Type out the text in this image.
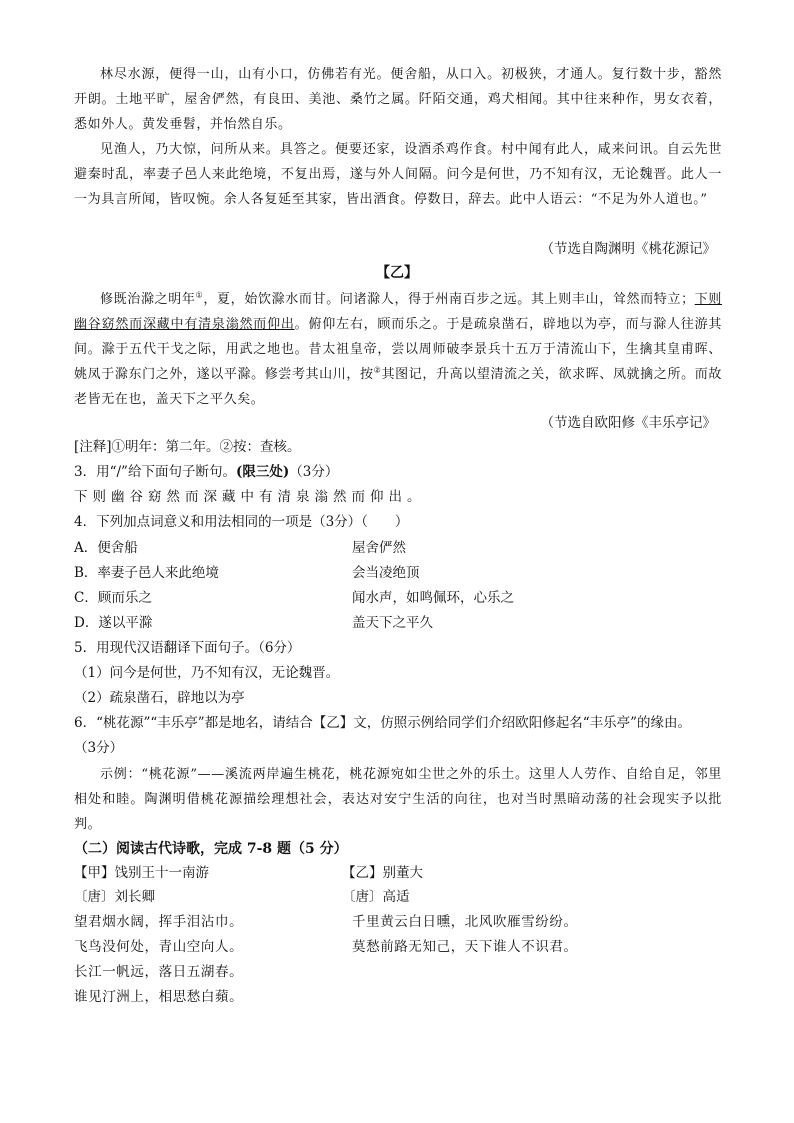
林尽水源，便得一山，山有小口，仿佛若有光。便舍船，从口入。初极狭，才通人。复行数十步，豁然开朗。土地平旷，屋舍俨然，有良田、美池、桑竹之属。阡陌交通，鸡犬相闻。其中往来种作，男女衣着，悉如外人。黄发垂髫，并怡然自乐。

见渔人，乃大惊，问所从来。具答之。便要还家，设酒杀鸡作食。村中闻有此人，咸来问讯。自云先世避秦时乱，率妻子邑人来此绝境，不复出焉，遂与外人间隔。问今是何世，乃不知有汉，无论魏晋。此人一一为具言所闻，皆叹惋。余人各复延至其家，皆出酒食。停数日，辞去。此中人语云：“不足为外人道也。”

（节选自陶渊明《桃花源记》

【乙】

修既治滁之明年①，夏，始饮滁水而甘。问诸滁人，得于州南百步之远。其上则丰山，耸然而特立；下则幽谷窈然而深藏中有清泉滃然而仰出。俯仰左右，顾而乐之。于是疏泉凿石，辟地以为亭，而与滁人往游其间。滁于五代干戈之际，用武之地也。昔太祖皇帝，尝以周师破李景兵十五万于清流山下，生擒其皇甫晖、姚凤于滁东门之外，遂以平滁。修尝考其山川，按②其图记，升高以望清流之关，欲求晖、凤就擒之所。而故老皆无在也，盖天下之平久矣。

（节选自欧阳修《丰乐亭记》

[注释]①明年：第二年。②按：查核。

3．用“/”给下面句子断句。(限三处)（3分）

下则幽谷窈然而深藏中有清泉滃然而仰出。

4．下列加点词意义和用法相同的一项是（3分）（　　）

A．便舍船	屋舍俨然

B．率妻子邑人来此绝境	会当凌绝顶

C．顾而乐之	闻水声，如鸣佩环，心乐之

D．遂以平滁	盖天下之平久

5．用现代汉语翻译下面句子。（6分）

（1）问今是何世，乃不知有汉，无论魏晋。

（2）疏泉凿石，辟地以为亭

6．“桃花源”“丰乐亭”都是地名，请结合【乙】文，仿照示例给同学们介绍欧阳修起名“丰乐亭”的缘由。

（3分）

示例：“桃花源”——溪流两岸遍生桃花，桃花源宛如尘世之外的乐土。这里人人劳作、自给自足，邻里相处和睦。陶渊明借桃花源描绘理想社会，表达对安宁生活的向往，也对当时黑暗动荡的社会现实予以批判。

（二）阅读古代诗歌，完成 7-8 题（5 分）

【甲】饯别王十一南游

〔唐〕刘长卿

望君烟水阔，挥手泪沾巾。

飞鸟没何处，青山空向人。

长江一帆远，落日五湖春。

谁见汀洲上，相思愁白蘋。

【乙】别董大

〔唐〕高适

千里黄云白日曛，北风吹雁雪纷纷。

莫愁前路无知己，天下谁人不识君。
